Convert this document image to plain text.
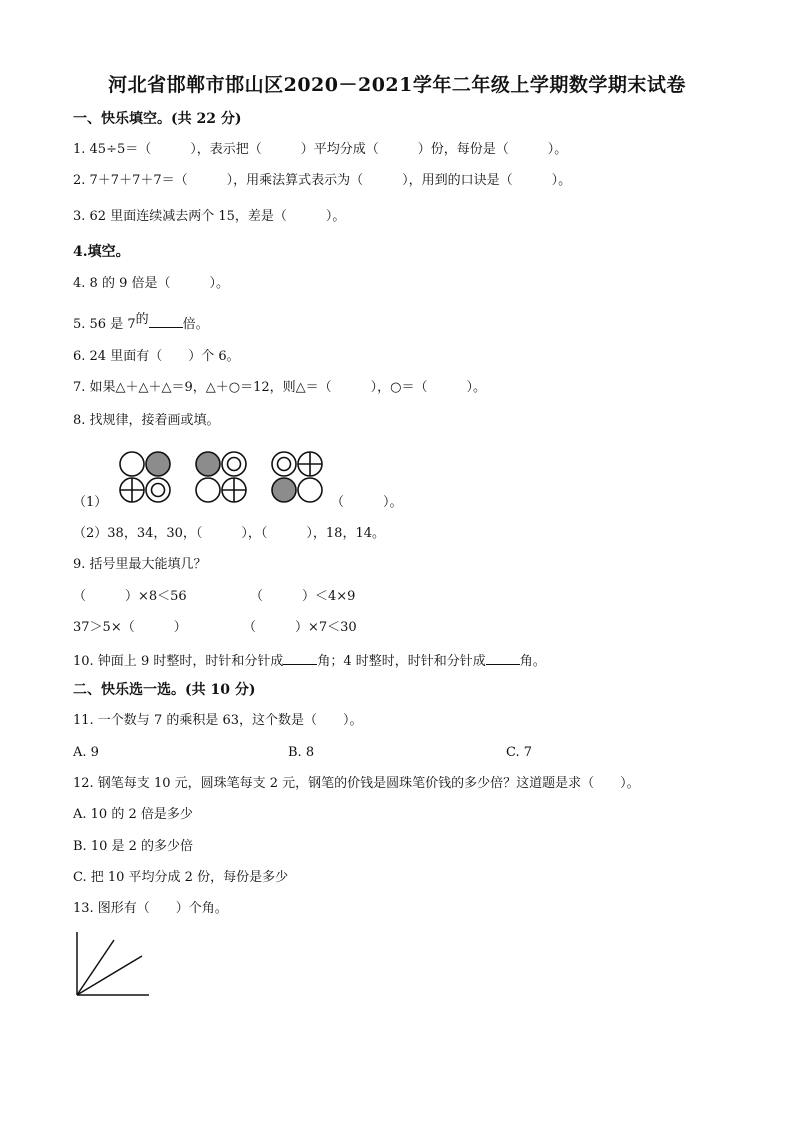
河北省邯郸市邯山区2020－2021学年二年级上学期数学期末试卷
一、快乐填空。(共 22 分)
1. 45÷5＝（　　　），表示把（　　　）平均分成（　　　）份，每份是（　　　）。
2. 7＋7＋7＋7＝（　　　），用乘法算式表示为（　　　），用到的口诀是（　　　）。
3. 62 里面连续减去两个 15，差是（　　　）。
4.填空。
4. 8 的 9 倍是（　　　）。
5. 56 是 7的	倍。
6. 24 里面有（　　）个 6。
7. 如果△＋△＋△＝9，△＋○＝12，则△＝（　　　），○＝（　　　）。
8. 找规律，接着画或填。
（1）	（　　　）。
（2）38，34，30，（　　　），（　　　），18，14。
9. 括号里最大能填几？
（　　　）×8＜56	（　　　）＜4×9
37＞5×（　　　）	（　　　）×7＜30
10. 钟面上 9 时整时，时针和分针成	角；4 时整时，时针和分针成	角。
二、快乐选一选。(共 10 分)
11. 一个数与 7 的乘积是 63，这个数是（　　）。
A. 9	B. 8	C. 7
12. 钢笔每支 10 元，圆珠笔每支 2 元，钢笔的价钱是圆珠笔价钱的多少倍？这道题是求（　　）。
A. 10 的 2 倍是多少
B. 10 是 2 的多少倍
C. 把 10 平均分成 2 份，每份是多少
13. 图形有（　　）个角。
